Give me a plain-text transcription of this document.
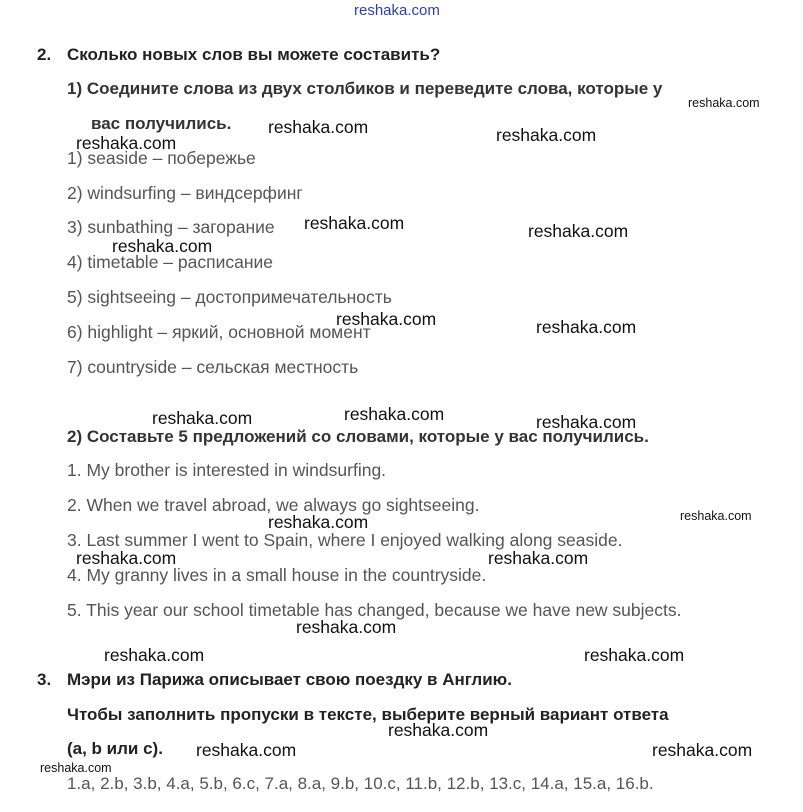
reshaka.com
2. Сколько новых слов вы можете составить?
1) Соедините слова из двух столбиков и переведите слова, которые у
вас получились.
1) seaside – побережье
2) windsurfing – виндсерфинг
3) sunbathing – загорание
4) timetable – расписание
5) sightseeing – достопримечательность
6) highlight – яркий, основной момент
7) countryside – сельская местность
2) Составьте 5 предложений со словами, которые у вас получились.
1. My brother is interested in windsurfing.
2. When we travel abroad, we always go sightseeing.
3. Last summer I went to Spain, where I enjoyed walking along seaside.
4. My granny lives in a small house in the countryside.
5. This year our school timetable has changed, because we have new subjects.
3. Мэри из Парижа описывает свою поездку в Англию.
Чтобы заполнить пропуски в тексте, выберите верный вариант ответа
(a, b или c).
1.a, 2.b, 3.b, 4.a, 5.b, 6.c, 7.a, 8.a, 9.b, 10.c, 11.b, 12.b, 13.c, 14.a, 15.a, 16.b.
reshaka.com
reshaka.com	reshaka.com
reshaka.com
reshaka.com	reshaka.com
reshaka.com
reshaka.com	reshaka.com
reshaka.com
reshaka.com	reshaka.com
reshaka.com
reshaka.com
reshaka.com	reshaka.com
reshaka.com
reshaka.com	reshaka.com
reshaka.com
reshaka.com	reshaka.com
reshaka.com
